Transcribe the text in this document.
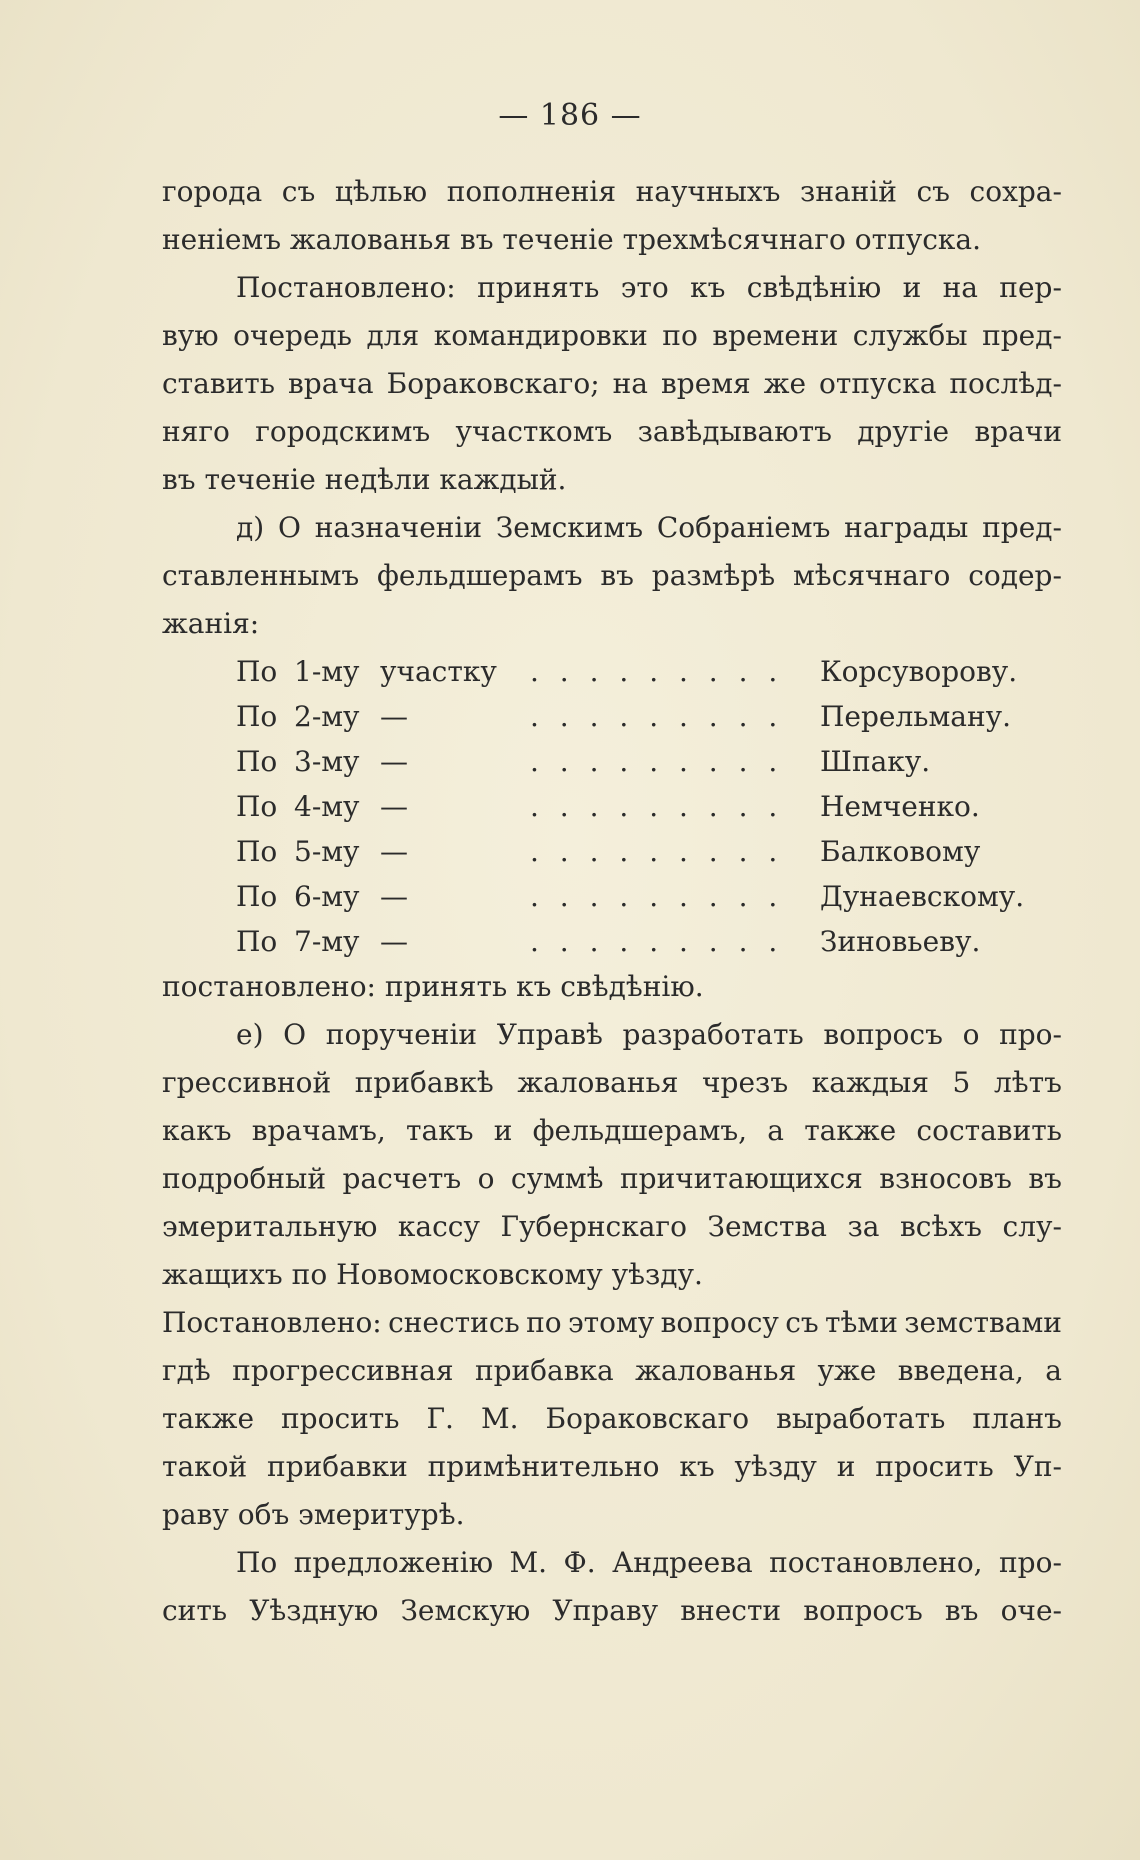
— 186 —
города съ цѣлью пополненія научныхъ знаній съ сохра-
неніемъ жалованья въ теченіе трехмѣсячнаго отпуска.
Постановлено: принять это къ свѣдѣнію и на пер-
вую очередь для командировки по времени службы пред-
ставить врача Бораковскаго; на время же отпуска послѣд-
няго городскимъ участкомъ завѣдываютъ другіе врачи
въ теченіе недѣли каждый.
д) О назначеніи Земскимъ Собраніемъ награды пред-
ставленнымъ фельдшерамъ въ размѣрѣ мѣсячнаго содер-
жанія:
По 1-му участку	. . . . . . . . .	Корсуворову.
По 2-му —	. . . . . . . . .	Перельману.
По 3-му —	. . . . . . . . .	Шпаку.
По 4-му —	. . . . . . . . .	Немченко.
По 5-му —	. . . . . . . . .	Балковому
По 6-му —	. . . . . . . . .	Дунаевскому.
По 7-му —	. . . . . . . . .	Зиновьеву.
постановлено: принять къ свѣдѣнію.
е) О порученіи Управѣ разработать вопросъ о про-
грессивной прибавкѣ жалованья чрезъ каждыя 5 лѣтъ
какъ врачамъ, такъ и фельдшерамъ, а также составить
подробный расчетъ о суммѣ причитающихся взносовъ въ
эмеритальную кассу Губернскаго Земства за всѣхъ слу-
жащихъ по Новомосковскому уѣзду.
Постановлено: снестись по этому вопросу съ тѣми земствами
гдѣ прогрессивная прибавка жалованья уже введена, а
также просить Г. М. Бораковскаго выработать планъ
такой прибавки примѣнительно къ уѣзду и просить Уп-
раву объ эмеритурѣ.
По предложенію М. Ф. Андреева постановлено, про-
сить Уѣздную Земскую Управу внести вопросъ въ оче-
